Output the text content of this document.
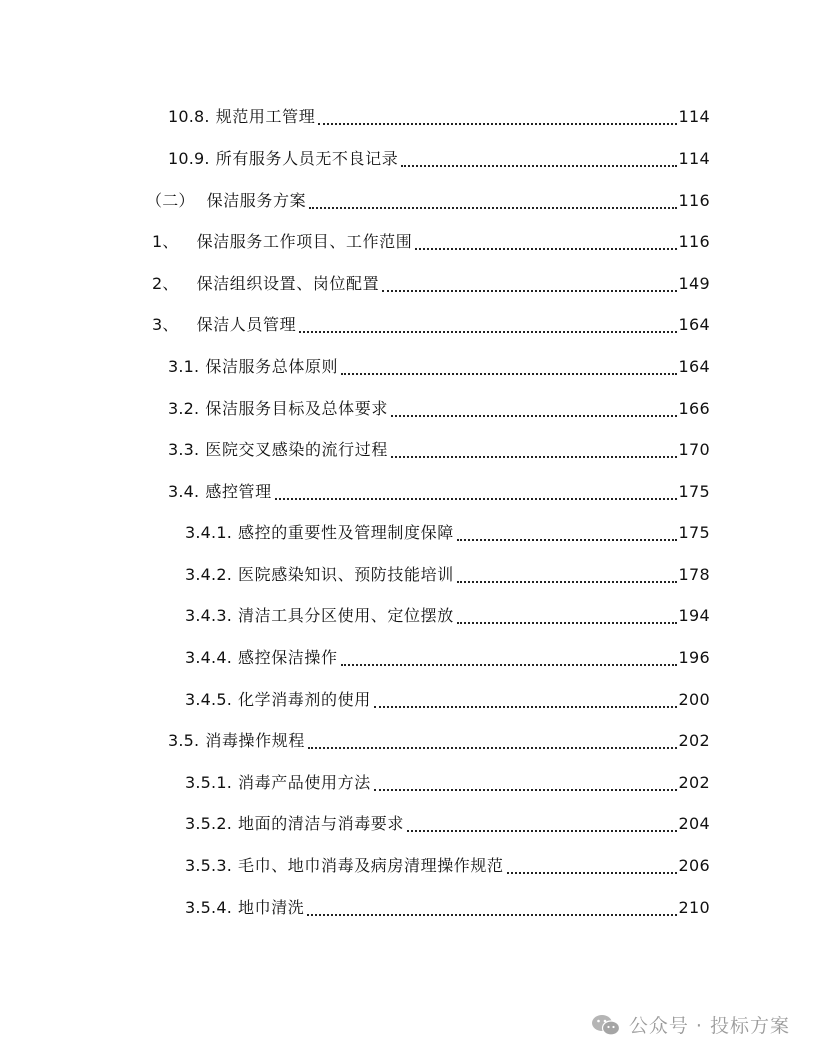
10.8. 规范用工管理	114
10.9. 所有服务人员无不良记录	114
（二） 保洁服务方案	116
1、	保洁服务工作项目、工作范围	116
2、	保洁组织设置、岗位配置	149
3、	保洁人员管理	164
3.1. 保洁服务总体原则	164
3.2. 保洁服务目标及总体要求	166
3.3. 医院交叉感染的流行过程	170
3.4. 感控管理	175
3.4.1. 感控的重要性及管理制度保障	175
3.4.2. 医院感染知识、预防技能培训	178
3.4.3. 清洁工具分区使用、定位摆放	194
3.4.4. 感控保洁操作	196
3.4.5. 化学消毒剂的使用	200
3.5. 消毒操作规程	202
3.5.1. 消毒产品使用方法	202
3.5.2. 地面的清洁与消毒要求	204
3.5.3. 毛巾、地巾消毒及病房清理操作规范	206
3.5.4. 地巾清洗	210
公众号 · 投标方案
